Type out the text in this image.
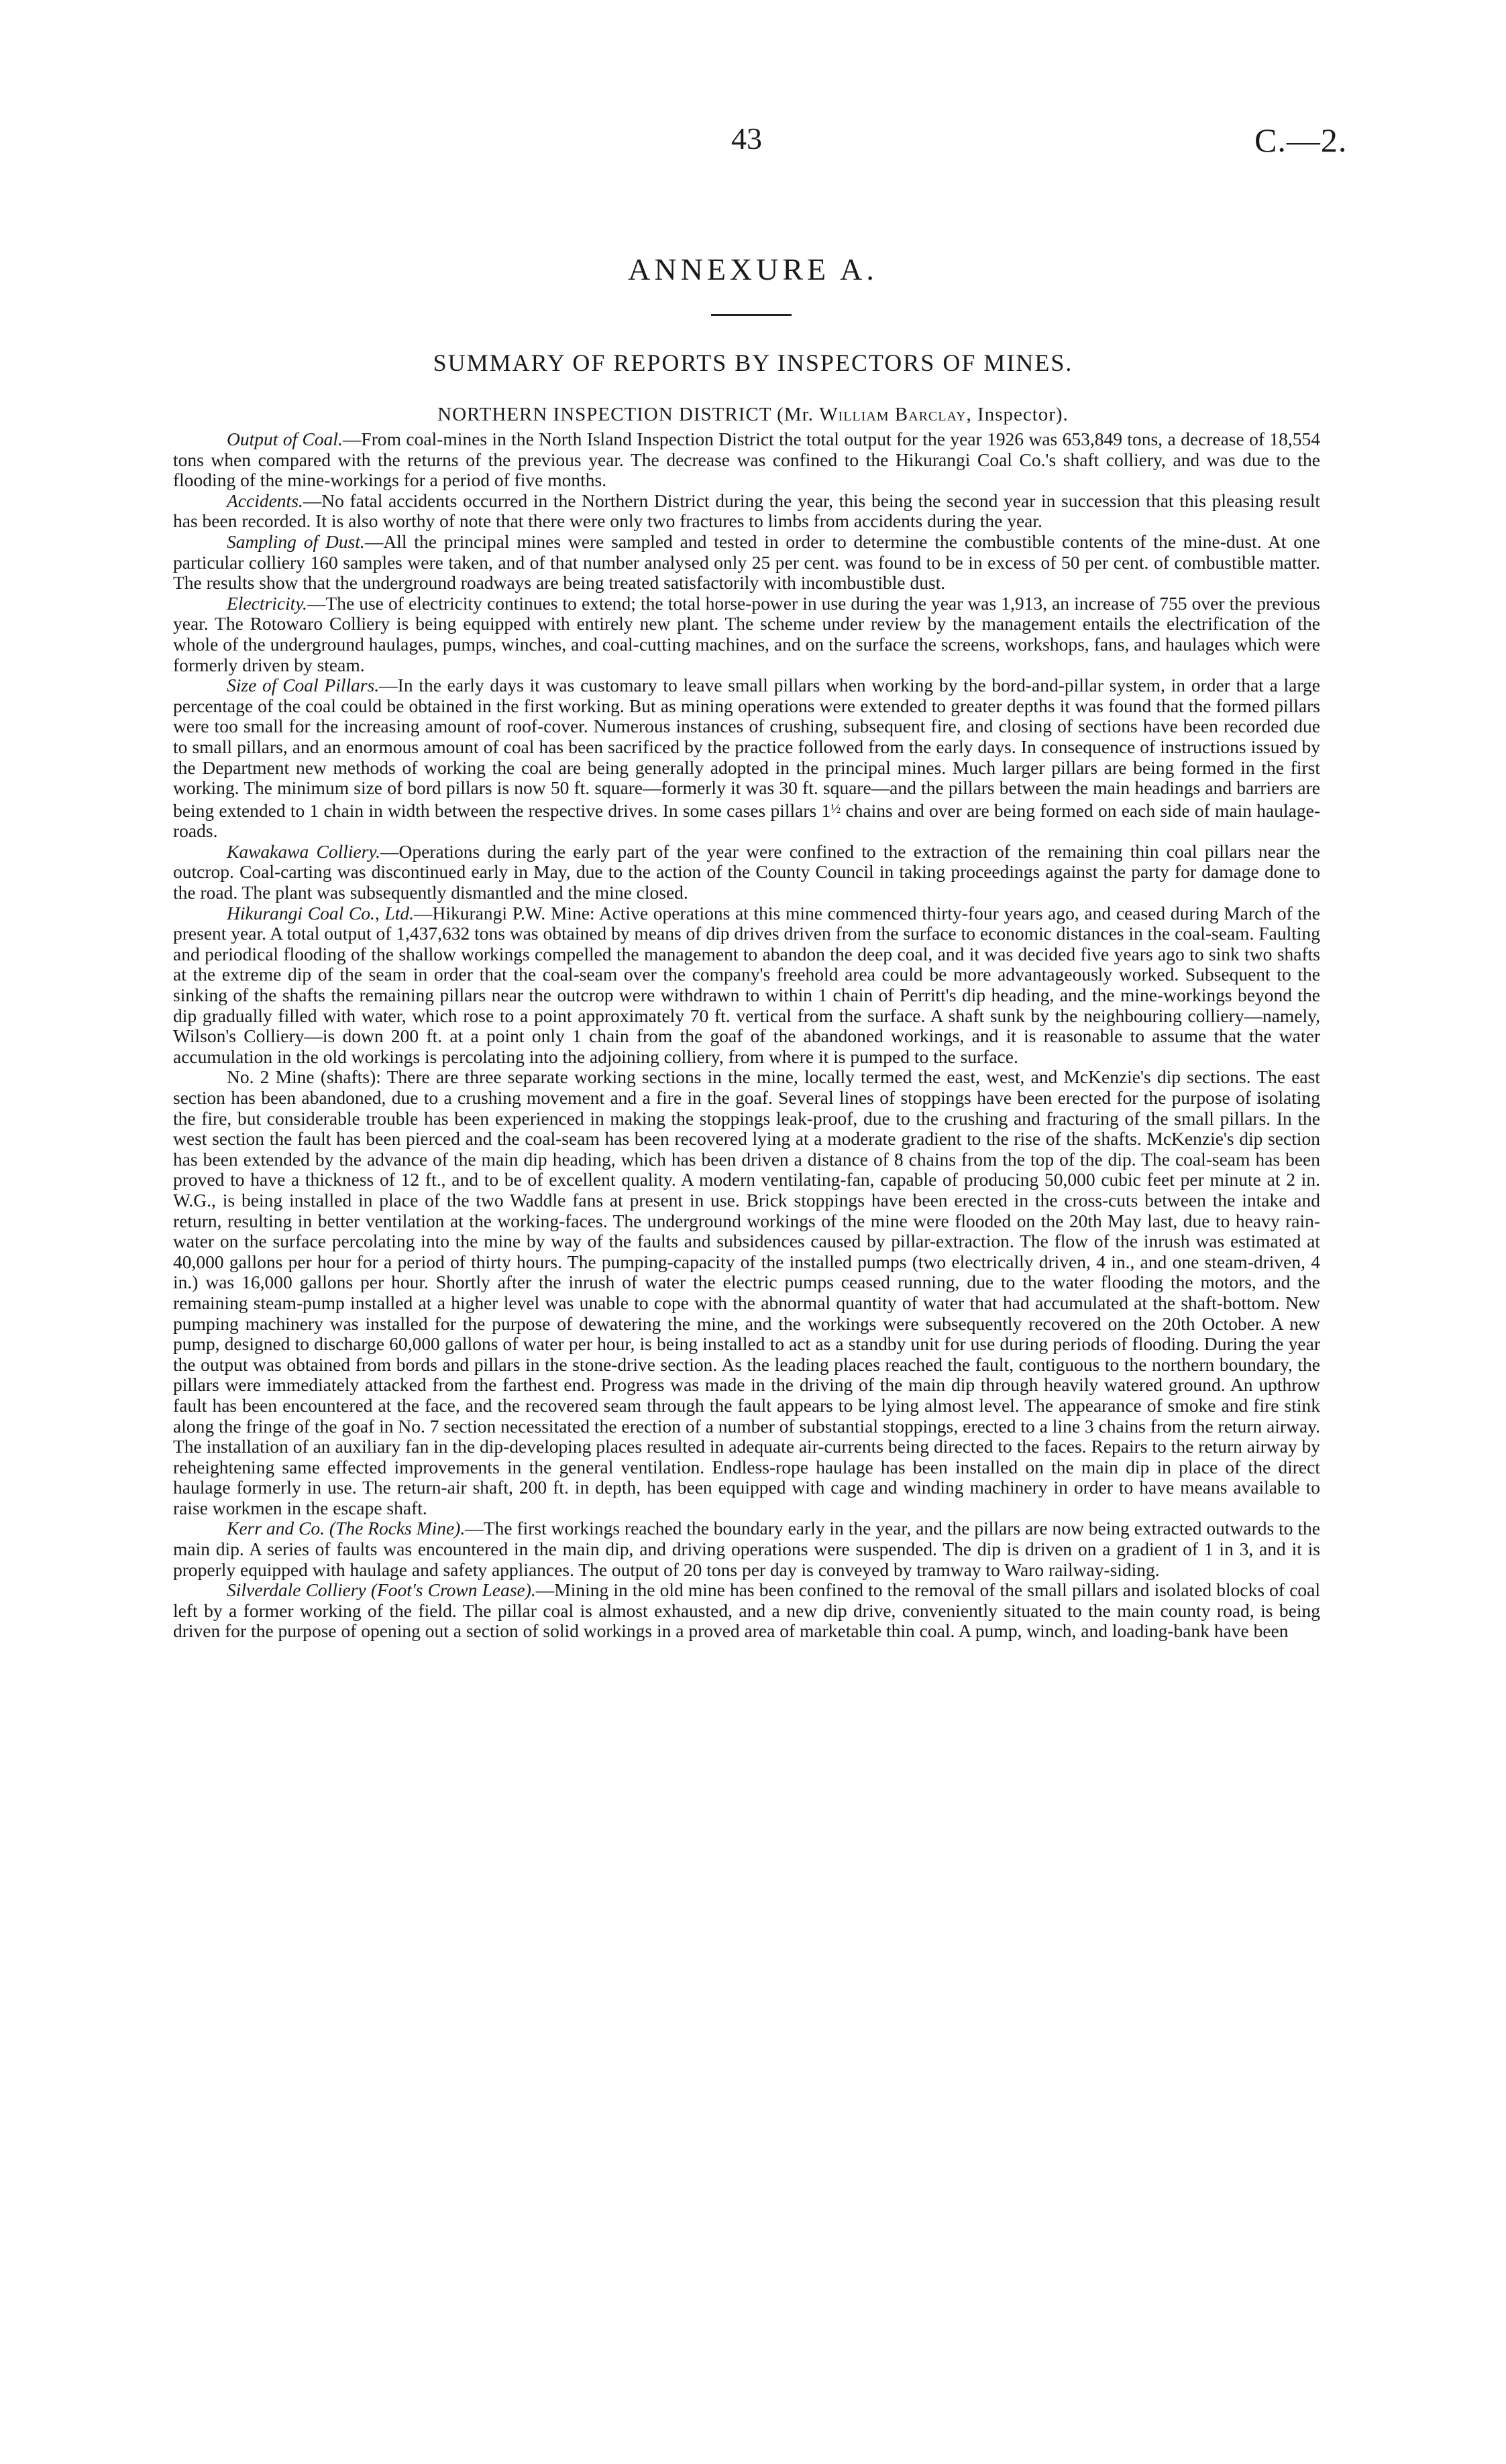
43	C.—2.
ANNEXURE A.
SUMMARY OF REPORTS BY INSPECTORS OF MINES.
NORTHERN INSPECTION DISTRICT (Mr. William Barclay, Inspector).

Output of Coal.—From coal-mines in the North Island Inspection District the total output for the year 1926 was 653,849 tons, a decrease of 18,554 tons when compared with the returns of the previous year. The decrease was confined to the Hikurangi Coal Co.'s shaft colliery, and was due to the flooding of the mine-workings for a period of five months.

Accidents.—No fatal accidents occurred in the Northern District during the year, this being the second year in succession that this pleasing result has been recorded. It is also worthy of note that there were only two fractures to limbs from accidents during the year.

Sampling of Dust.—All the principal mines were sampled and tested in order to determine the combustible contents of the mine-dust. At one particular colliery 160 samples were taken, and of that number analysed only 25 per cent. was found to be in excess of 50 per cent. of combustible matter. The results show that the underground roadways are being treated satisfactorily with incombustible dust.

Electricity.—The use of electricity continues to extend; the total horse-power in use during the year was 1,913, an increase of 755 over the previous year. The Rotowaro Colliery is being equipped with entirely new plant. The scheme under review by the management entails the electrification of the whole of the underground haulages, pumps, winches, and coal-cutting machines, and on the surface the screens, workshops, fans, and haulages which were formerly driven by steam.

Size of Coal Pillars.—In the early days it was customary to leave small pillars when working by the bord-and-pillar system, in order that a large percentage of the coal could be obtained in the first working. But as mining operations were extended to greater depths it was found that the formed pillars were too small for the increasing amount of roof-cover. Numerous instances of crushing, subsequent fire, and closing of sections have been recorded due to small pillars, and an enormous amount of coal has been sacrificed by the practice followed from the early days. In consequence of instructions issued by the Department new methods of working the coal are being generally adopted in the principal mines. Much larger pillars are being formed in the first working. The minimum size of bord pillars is now 50 ft. square—formerly it was 30 ft. square—and the pillars between the main headings and barriers are being extended to 1 chain in width between the respective drives. In some cases pillars $1^{\frac{1}{2}}$ chains and over are being formed on each side of main haulage-roads.

Kawakawa Colliery.—Operations during the early part of the year were confined to the extraction of the remaining thin coal pillars near the outcrop. Coal-carting was discontinued early in May, due to the action of the County Council in taking proceedings against the party for damage done to the road. The plant was subsequently dismantled and the mine closed.

Hikurangi Coal Co., Ltd.—Hikurangi P.W. Mine: Active operations at this mine commenced thirty-four years ago, and ceased during March of the present year. A total output of 1,437,632 tons was obtained by means of dip drives driven from the surface to economic distances in the coal-seam. Faulting and periodical flooding of the shallow workings compelled the management to abandon the deep coal, and it was decided five years ago to sink two shafts at the extreme dip of the seam in order that the coal-seam over the company's freehold area could be more advantageously worked. Subsequent to the sinking of the shafts the remaining pillars near the outcrop were withdrawn to within 1 chain of Perritt's dip heading, and the mine-workings beyond the dip gradually filled with water, which rose to a point approximately 70 ft. vertical from the surface. A shaft sunk by the neighbouring colliery—namely, Wilson's Colliery—is down 200 ft. at a point only 1 chain from the goaf of the abandoned workings, and it is reasonable to assume that the water accumulation in the old workings is percolating into the adjoining colliery, from where it is pumped to the surface.

No. 2 Mine (shafts): There are three separate working sections in the mine, locally termed the east, west, and McKenzie's dip sections. The east section has been abandoned, due to a crushing movement and a fire in the goaf. Several lines of stoppings have been erected for the purpose of isolating the fire, but considerable trouble has been experienced in making the stoppings leak-proof, due to the crushing and fracturing of the small pillars. In the west section the fault has been pierced and the coal-seam has been recovered lying at a moderate gradient to the rise of the shafts. McKenzie's dip section has been extended by the advance of the main dip heading, which has been driven a distance of 8 chains from the top of the dip. The coal-seam has been proved to have a thickness of 12 ft., and to be of excellent quality. A modern ventilating-fan, capable of producing 50,000 cubic feet per minute at 2 in. W.G., is being installed in place of the two Waddle fans at present in use. Brick stoppings have been erected in the cross-cuts between the intake and return, resulting in better ventilation at the working-faces. The underground workings of the mine were flooded on the 20th May last, due to heavy rain-water on the surface percolating into the mine by way of the faults and subsidences caused by pillar-extraction. The flow of the inrush was estimated at 40,000 gallons per hour for a period of thirty hours. The pumping-capacity of the installed pumps (two electrically driven, 4 in., and one steam-driven, 4 in.) was 16,000 gallons per hour. Shortly after the inrush of water the electric pumps ceased running, due to the water flooding the motors, and the remaining steam-pump installed at a higher level was unable to cope with the abnormal quantity of water that had accumulated at the shaft-bottom. New pumping machinery was installed for the purpose of dewatering the mine, and the workings were subsequently recovered on the 20th October. A new pump, designed to discharge 60,000 gallons of water per hour, is being installed to act as a standby unit for use during periods of flooding. During the year the output was obtained from bords and pillars in the stone-drive section. As the leading places reached the fault, contiguous to the northern boundary, the pillars were immediately attacked from the farthest end. Progress was made in the driving of the main dip through heavily watered ground. An upthrow fault has been encountered at the face, and the recovered seam through the fault appears to be lying almost level. The appearance of smoke and fire stink along the fringe of the goaf in No. 7 section necessitated the erection of a number of substantial stoppings, erected to a line 3 chains from the return airway. The installation of an auxiliary fan in the dip-developing places resulted in adequate air-currents being directed to the faces. Repairs to the return airway by reheightening same effected improvements in the general ventilation. Endless-rope haulage has been installed on the main dip in place of the direct haulage formerly in use. The return-air shaft, 200 ft. in depth, has been equipped with cage and winding machinery in order to have means available to raise workmen in the escape shaft.

Kerr and Co. (The Rocks Mine).—The first workings reached the boundary early in the year, and the pillars are now being extracted outwards to the main dip. A series of faults was encountered in the main dip, and driving operations were suspended. The dip is driven on a gradient of 1 in 3, and it is properly equipped with haulage and safety appliances. The output of 20 tons per day is conveyed by tramway to Waro railway-siding.

Silverdale Colliery (Foot's Crown Lease).—Mining in the old mine has been confined to the removal of the small pillars and isolated blocks of coal left by a former working of the field. The pillar coal is almost exhausted, and a new dip drive, conveniently situated to the main county road, is being driven for the purpose of opening out a section of solid workings in a proved area of marketable thin coal. A pump, winch, and loading-bank have been
